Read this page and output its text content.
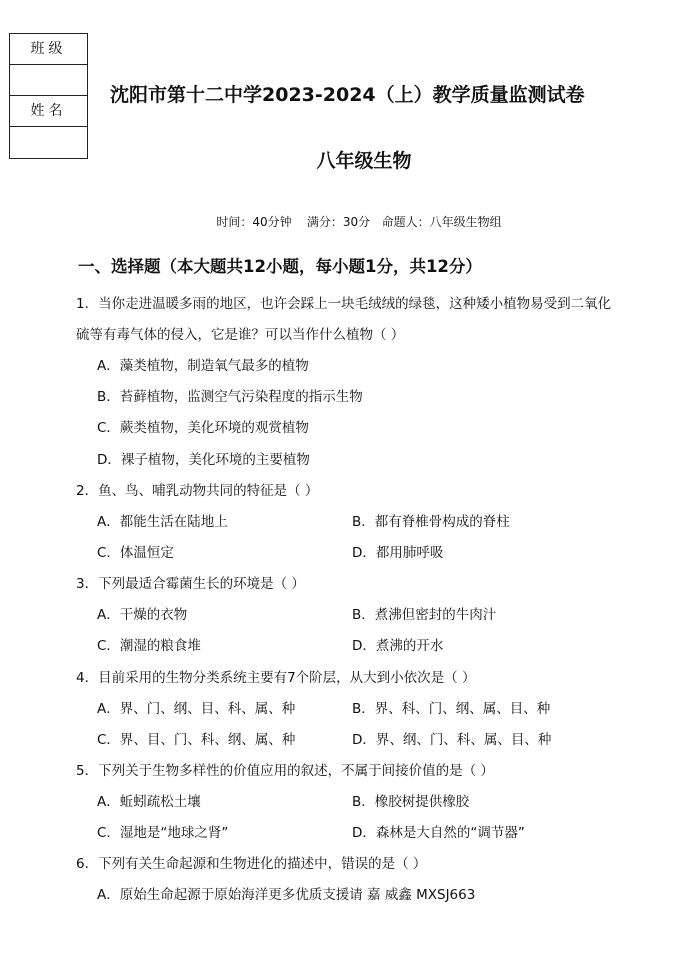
班级
姓名
沈阳市第十二中学2023-2024（上）教学质量监测试卷
八年级生物
时间：40分钟    满分：30分   命题人：八年级生物组
一、选择题（本大题共12小题，每小题1分，共12分）
1．当你走进温暖多雨的地区，也许会踩上一块毛绒绒的绿毯，这种矮小植物易受到二氧化
硫等有毒气体的侵入，它是谁？可以当作什么植物（ ）
A．藻类植物，制造氧气最多的植物
B．苔藓植物，监测空气污染程度的指示生物
C．蕨类植物，美化环境的观赏植物
D．裸子植物，美化环境的主要植物
2．鱼、鸟、哺乳动物共同的特征是（ ）
A．都能生活在陆地上	B．都有脊椎骨构成的脊柱
C．体温恒定	D．都用肺呼吸
3．下列最适合霉菌生长的环境是（ ）
A．干燥的衣物	B．煮沸但密封的牛肉汁
C．潮湿的粮食堆	D．煮沸的开水
4．目前采用的生物分类系统主要有7个阶层，从大到小依次是（ ）
A．界、门、纲、目、科、属、种	B．界、科、门、纲、属、目、种
C．界、目、门、科、纲、属、种	D．界、纲、门、科、属、目、种
5．下列关于生物多样性的价值应用的叙述，不属于间接价值的是（ ）
A．蚯蚓疏松土壤	B．橡胶树提供橡胶
C．湿地是“地球之肾”	D．森林是大自然的“调节器”
6．下列有关生命起源和生物进化的描述中，错误的是（ ）
A．原始生命起源于原始海洋更多优质支援请 嘉 威鑫 MXSJ663
